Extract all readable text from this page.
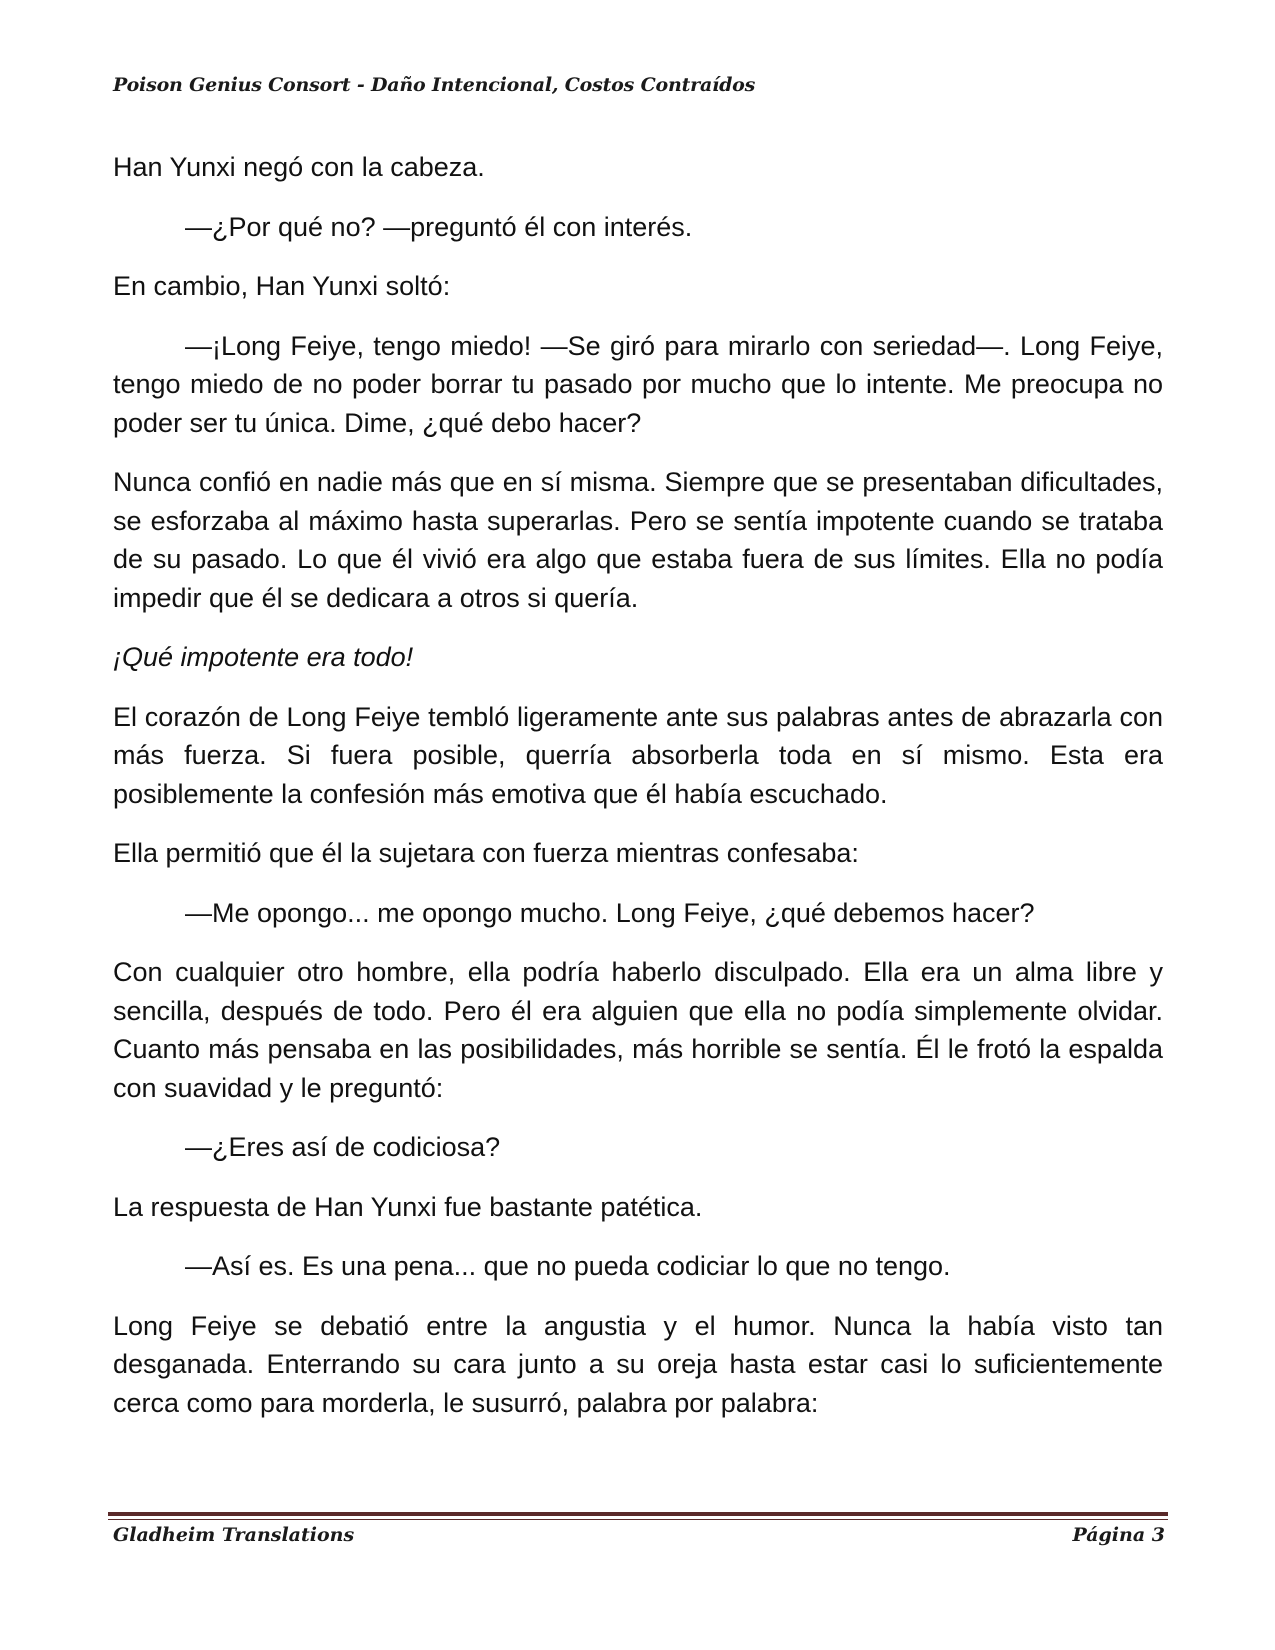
Poison Genius Consort - Daño Intencional, Costos Contraídos

Han Yunxi negó con la cabeza.

—¿Por qué no? —preguntó él con interés.

En cambio, Han Yunxi soltó:

—¡Long Feiye, tengo miedo! —Se giró para mirarlo con seriedad—. Long Feiye, tengo miedo de no poder borrar tu pasado por mucho que lo intente. Me preocupa no poder ser tu única. Dime, ¿qué debo hacer?

Nunca confió en nadie más que en sí misma. Siempre que se presentaban dificultades, se esforzaba al máximo hasta superarlas. Pero se sentía impotente cuando se trataba de su pasado. Lo que él vivió era algo que estaba fuera de sus límites. Ella no podía impedir que él se dedicara a otros si quería.

¡Qué impotente era todo!

El corazón de Long Feiye tembló ligeramente ante sus palabras antes de abrazarla con más fuerza. Si fuera posible, querría absorberla toda en sí mismo. Esta era posiblemente la confesión más emotiva que él había escuchado.

Ella permitió que él la sujetara con fuerza mientras confesaba:

—Me opongo... me opongo mucho. Long Feiye, ¿qué debemos hacer?

Con cualquier otro hombre, ella podría haberlo disculpado. Ella era un alma libre y sencilla, después de todo. Pero él era alguien que ella no podía simplemente olvidar. Cuanto más pensaba en las posibilidades, más horrible se sentía. Él le frotó la espalda con suavidad y le preguntó:

—¿Eres así de codiciosa?

La respuesta de Han Yunxi fue bastante patética.

—Así es. Es una pena... que no pueda codiciar lo que no tengo.

Long Feiye se debatió entre la angustia y el humor. Nunca la había visto tan desganada. Enterrando su cara junto a su oreja hasta estar casi lo suficientemente cerca como para morderla, le susurró, palabra por palabra:

Gladheim Translations	Página 3
